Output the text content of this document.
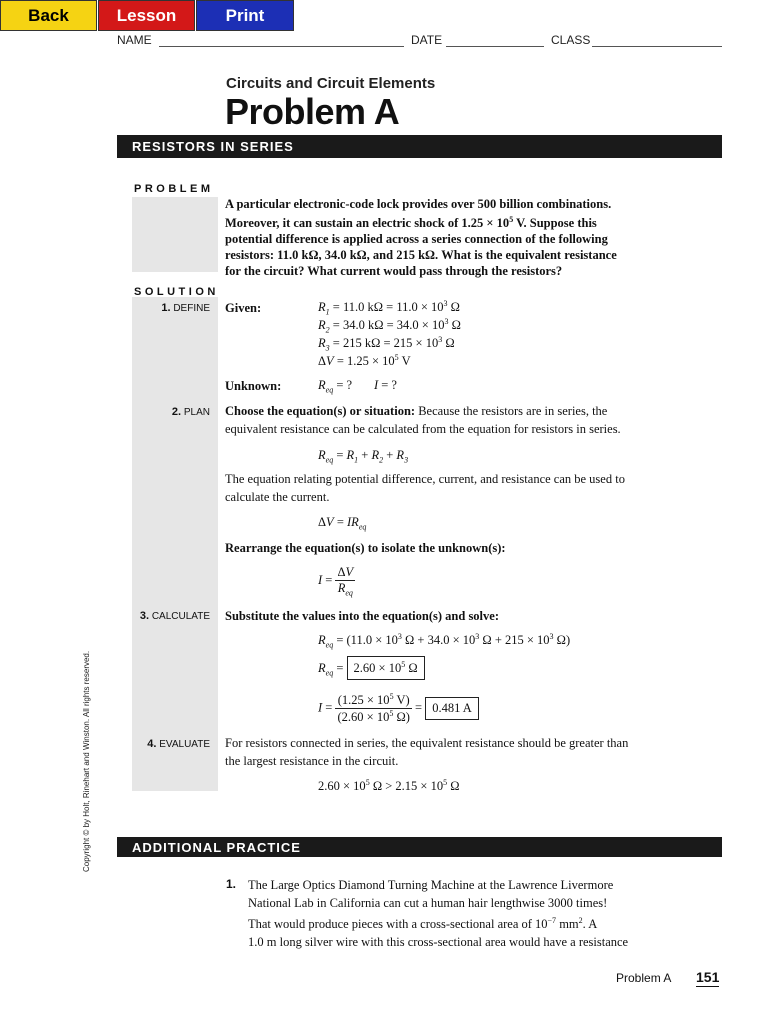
Back	Lesson	Print
NAME	DATE	CLASS
Circuits and Circuit Elements
Problem A
RESISTORS IN SERIES
PROBLEM
A particular electronic-code lock provides over 500 billion combinations.
Moreover, it can sustain an electric shock of $1.25 \times 10^5$ V. Suppose this
potential difference is applied across a series connection of the following
resistors: 11.0 kΩ, 34.0 kΩ, and 215 kΩ. What is the equivalent resistance
for the circuit? What current would pass through the resistors?
SOLUTION
1. DEFINE Given:	$R_1 = 11.0$ $k\Omega = 11.0 \times 10^3$ Ω
$R_2 = 34.0$ $k\Omega = 34.0 \times 10^3$ Ω
$R_3 = 215$ $k\Omega = 215 \times 10^3$ Ω
$\Delta V = 1.25 \times 10^5$ V
Unknown:	$R_{eq}$ = ?       I = ?
2. PLAN Choose the equation(s) or situation: Because the resistors are in series, the
equivalent resistance can be calculated from the equation for resistors in series.
$R_{eq} = R_1 + R_2 + R_3$
The equation relating potential difference, current, and resistance can be used to
calculate the current.
$\Delta V = IR_{eq}$
Rearrange the equation(s) to isolate the unknown(s):
$I = \frac{\Delta V}{R_{eq}}$
3. CALCULATE Substitute the values into the equation(s) and solve:
$R_{eq} = (11.0 \times 10^3$ $\Omega + 34.0 \times 10^3$ $\Omega + 215 \times 10^3$ Ω)
$R_{eq} = 2.60 \times 10^5$ Ω
$I = \frac{(1.25 \times 10^5 V)}{(2.60 \times 10^5 \Omega)} = 0.481$ A
4. EVALUATE For resistors connected in series, the equivalent resistance should be greater than
the largest resistance in the circuit.
$2.60 \times 10^5$ $\Omega > 2.15 \times 10^5$ Ω
ADDITIONAL PRACTICE
1. The Large Optics Diamond Turning Machine at the Lawrence Livermore
National Lab in California can cut a human hair lengthwise 3000 times!
That would produce pieces with a cross-sectional area of $10^{-7}$ $mm^2$. A
1.0 m long silver wire with this cross-sectional area would have a resistance
Copyright © by Holt, Rinehart and Winston. All rights reserved.
Problem A 151
